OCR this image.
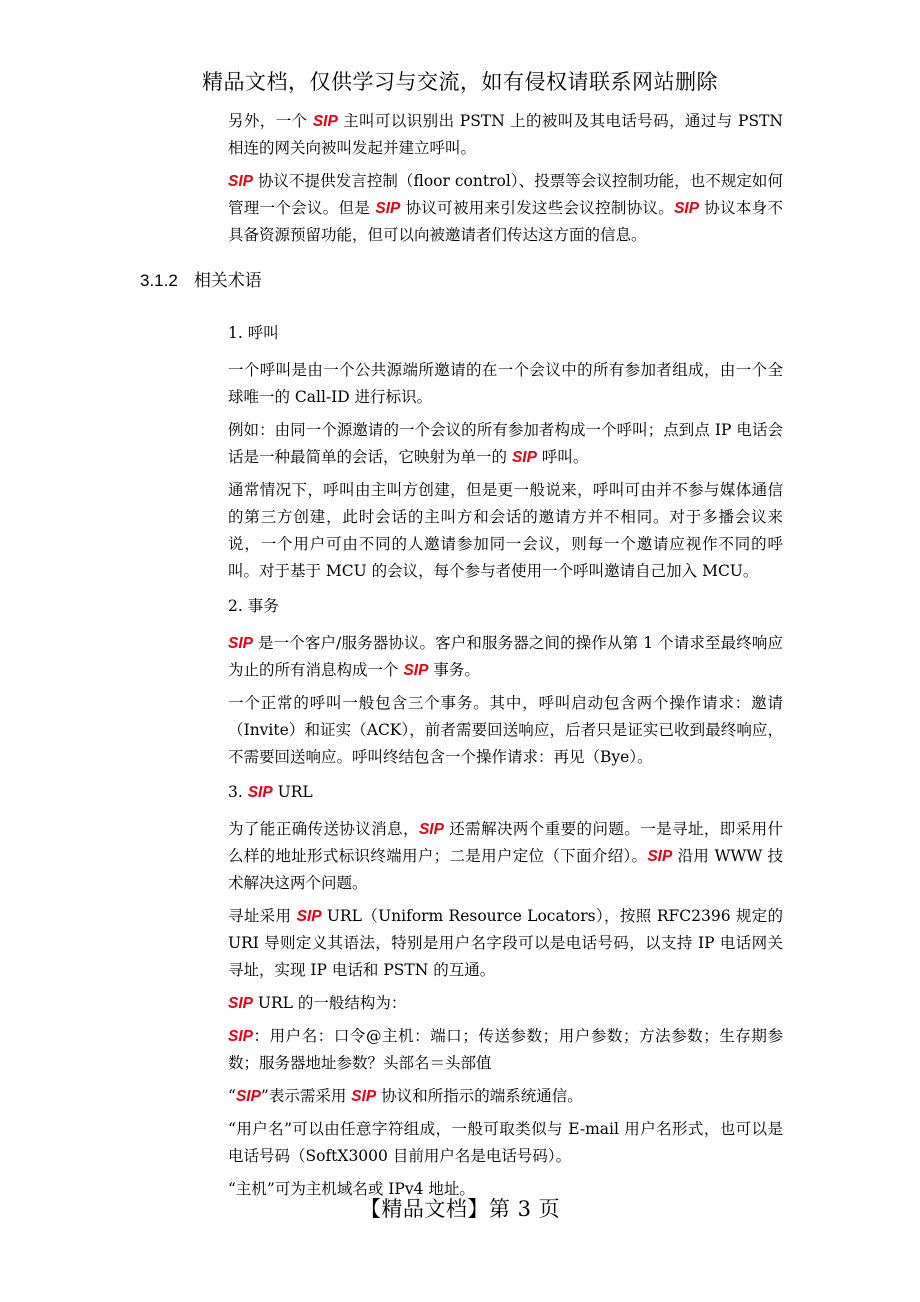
精品文档，仅供学习与交流，如有侵权请联系网站删除

另外，一个 SIP 主叫可以识别出 PSTN 上的被叫及其电话号码，通过与 PSTN 相连的网关向被叫发起并建立呼叫。

SIP 协议不提供发言控制（floor control）、投票等会议控制功能，也不规定如何管理一个会议。但是 SIP 协议可被用来引发这些会议控制协议。SIP 协议本身不具备资源预留功能，但可以向被邀请者们传达这方面的信息。

3.1.2 相关术语

1. 呼叫

一个呼叫是由一个公共源端所邀请的在一个会议中的所有参加者组成，由一个全球唯一的 Call-ID 进行标识。

例如：由同一个源邀请的一个会议的所有参加者构成一个呼叫；点到点 IP 电话会话是一种最简单的会话，它映射为单一的 SIP 呼叫。

通常情况下，呼叫由主叫方创建，但是更一般说来，呼叫可由并不参与媒体通信的第三方创建，此时会话的主叫方和会话的邀请方并不相同。对于多播会议来说，一个用户可由不同的人邀请参加同一会议，则每一个邀请应视作不同的呼叫。对于基于 MCU 的会议，每个参与者使用一个呼叫邀请自己加入 MCU。

2. 事务

SIP 是一个客户/服务器协议。客户和服务器之间的操作从第 1 个请求至最终响应为止的所有消息构成一个 SIP 事务。

一个正常的呼叫一般包含三个事务。其中，呼叫启动包含两个操作请求：邀请（Invite）和证实（ACK），前者需要回送响应，后者只是证实已收到最终响应，不需要回送响应。呼叫终结包含一个操作请求：再见（Bye）。

3. SIP URL

为了能正确传送协议消息，SIP 还需解决两个重要的问题。一是寻址，即采用什么样的地址形式标识终端用户；二是用户定位（下面介绍）。SIP 沿用 WWW 技术解决这两个问题。

寻址采用 SIP URL（Uniform Resource Locators），按照 RFC2396 规定的 URI 导则定义其语法，特别是用户名字段可以是电话号码，以支持 IP 电话网关寻址，实现 IP 电话和 PSTN 的互通。

SIP URL 的一般结构为：

SIP：用户名：口令@主机：端口；传送参数；用户参数；方法参数；生存期参数；服务器地址参数？头部名＝头部值

“SIP”表示需采用 SIP 协议和所指示的端系统通信。

“用户名”可以由任意字符组成，一般可取类似与 E-mail 用户名形式，也可以是电话号码（SoftX3000 目前用户名是电话号码）。

“主机”可为主机域名或 IPv4 地址。

【精品文档】第 3 页
